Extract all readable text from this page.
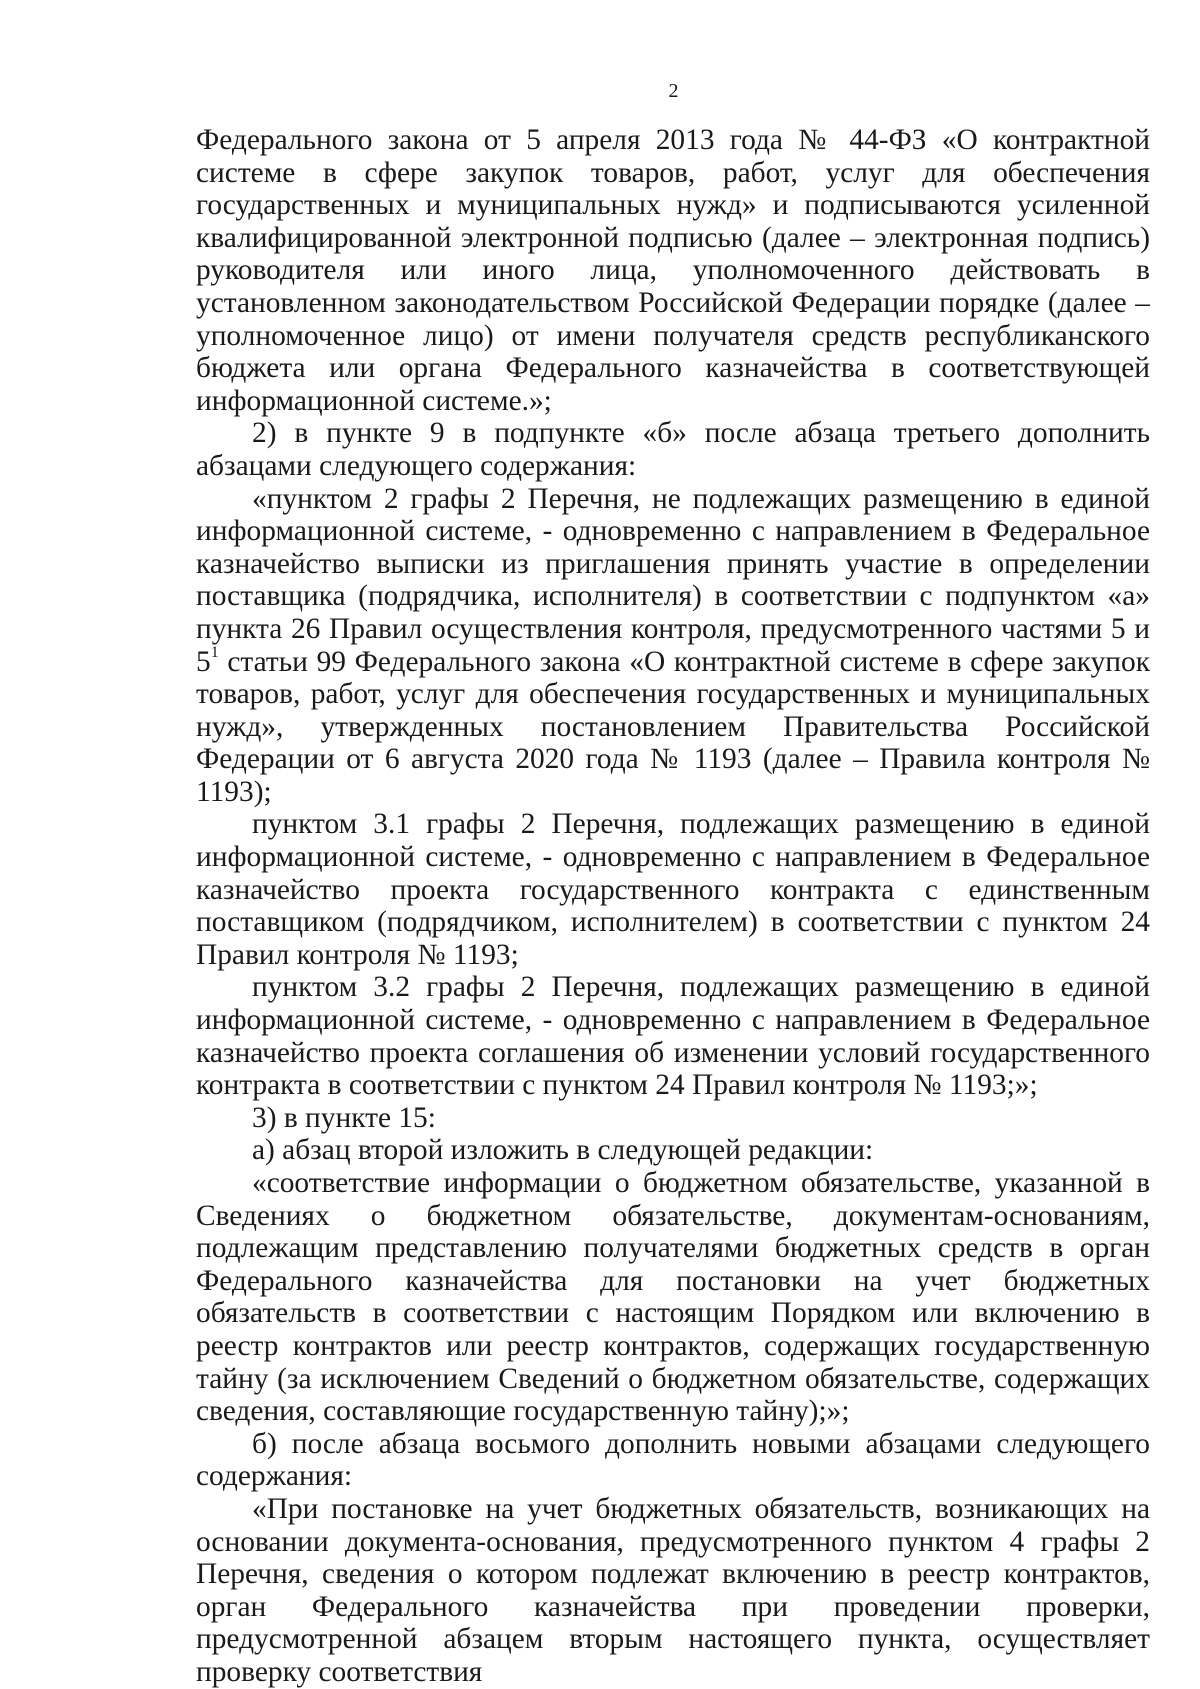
2

Федерального закона от 5 апреля 2013 года № 44-ФЗ «О контрактной системе в сфере закупок товаров, работ, услуг для обеспечения государственных и муниципальных нужд» и подписываются усиленной квалифицированной электронной подписью (далее – электронная подпись) руководителя или иного лица, уполномоченного действовать в установленном законодательством Российской Федерации порядке (далее – уполномоченное лицо) от имени получателя средств республиканского бюджета или органа Федерального казначейства в соответствующей информационной системе.»;

2) в пункте 9 в подпункте «б» после абзаца третьего дополнить абзацами следующего содержания:

«пунктом 2 графы 2 Перечня, не подлежащих размещению в единой информационной системе, - одновременно с направлением в Федеральное казначейство выписки из приглашения принять участие в определении поставщика (подрядчика, исполнителя) в соответствии с подпунктом «а» пункта 26 Правил осуществления контроля, предусмотренного частями 5 и $5^1$ статьи 99 Федерального закона «О контрактной системе в сфере закупок товаров, работ, услуг для обеспечения государственных и муниципальных нужд», утвержденных постановлением Правительства Российской Федерации от 6 августа 2020 года № 1193 (далее – Правила контроля № 1193);

пунктом 3.1 графы 2 Перечня, подлежащих размещению в единой информационной системе, - одновременно с направлением в Федеральное казначейство проекта государственного контракта с единственным поставщиком (подрядчиком, исполнителем) в соответствии с пунктом 24 Правил контроля № 1193;

пунктом 3.2 графы 2 Перечня, подлежащих размещению в единой информационной системе, - одновременно с направлением в Федеральное казначейство проекта соглашения об изменении условий государственного контракта в соответствии с пунктом 24 Правил контроля № 1193;»;

3) в пункте 15:

а) абзац второй изложить в следующей редакции:

«соответствие информации о бюджетном обязательстве, указанной в Сведениях о бюджетном обязательстве, документам-основаниям, подлежащим представлению получателями бюджетных средств в орган Федерального казначейства для постановки на учет бюджетных обязательств в соответствии с настоящим Порядком или включению в реестр контрактов или реестр контрактов, содержащих государственную тайну (за исключением Сведений о бюджетном обязательстве, содержащих сведения, составляющие государственную тайну);»;

б) после абзаца восьмого дополнить новыми абзацами следующего содержания:

«При постановке на учет бюджетных обязательств, возникающих на основании документа-основания, предусмотренного пунктом 4 графы 2 Перечня, сведения о котором подлежат включению в реестр контрактов, орган Федерального казначейства при проведении проверки, предусмотренной абзацем вторым настоящего пункта, осуществляет проверку соответствия
